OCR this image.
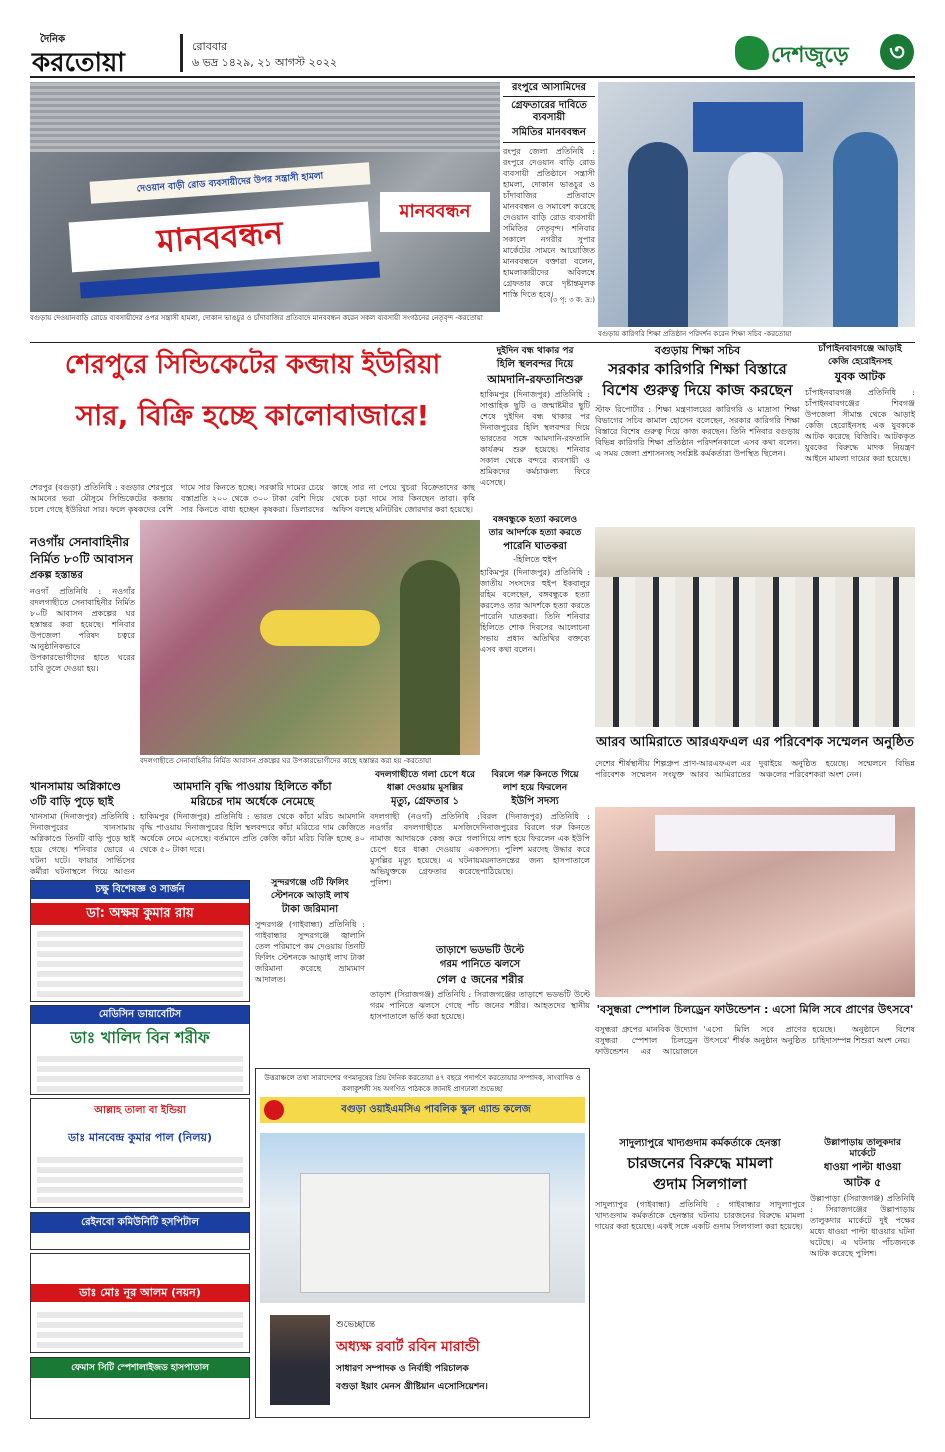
দৈনিক
করতোয়া
রোববার
৬ ভদ্র ১৪২৯, ২১ আগস্ট ২০২২	দেশজুড়ে	৩
দেওয়ান বাড়ী রোড ব্যবসায়ীদের উপর সন্ত্রাসী হামলা
মানববন্ধন
মানববন্ধন
বগুড়ায় দেওয়ানবাড়ি রোডে ব্যবসায়ীদের ওপর সন্ত্রাসী হামলা, দোকান ভাঙচুর ও চাঁদাবাজির প্রতিবাদে মানববন্ধন করেন সকল ব্যবসায়ী সংগঠনের নেতৃবৃন্দ -করতোয়া
রংপুরে আসামিদের
গ্রেফতারের দাবিতে ব্যবসায়ী
সমিতির মানববন্ধন
রংপুর জেলা প্রতিনিধি : রংপুরে দেওয়ান বাড়ি রোড ব্যবসায়ী প্রতিষ্ঠানে সন্ত্রাসী হামলা, দোকান ভাঙচুর ও চাঁদাবাজির প্রতিবাদে মানববন্ধন ও সমাবেশ করেছে দেওয়ান বাড়ি রোড ব্যবসায়ী সমিতির নেতৃবৃন্দ। শনিবার সকালে নগরীর সুপার মার্কেটের সামনে আয়োজিত মানববন্ধনে বক্তারা বলেন, হামলাকারীদের অবিলম্বে গ্রেফতার করে দৃষ্টান্তমূলক শাস্তি দিতে হবে।
(৩ পৃ: ৩ ক: দ্র:)
বগুড়ায় কারিগরি শিক্ষা প্রতিষ্ঠান পরিদর্শন করেন শিক্ষা সচিব -করতোয়া
শেরপুরে সিন্ডিকেটের কব্জায় ইউরিয়া
সার, বিক্রি হচ্ছে কালোবাজারে!
শেরপুর (বগুড়া) প্রতিনিধি : বগুড়ার শেরপুরে আমনের ভরা মৌসুমে সিন্ডিকেটের কব্জায় চলে গেছে ইউরিয়া সার। ফলে কৃষকদের বেশি দামে সার কিনতে হচ্ছে। সরকারি দামের চেয়ে বস্তাপ্রতি ২০০ থেকে ৩০০ টাকা বেশি দিয়ে সার কিনতে বাধ্য হচ্ছেন কৃষকরা। ডিলারদের কাছে সার না পেয়ে খুচরা বিক্রেতাদের কাছ থেকে চড়া দামে সার কিনছেন তারা। কৃষি অফিস বলছে মনিটরিং জোরদার করা হয়েছে।
দুইদিন বন্ধ থাকার পর
হিলি স্থলবন্দর দিয়ে
আমদানি-রফতানিশুরু
হাকিমপুর (দিনাজপুর) প্রতিনিধি : সাপ্তাহিক ছুটি ও জন্মাষ্টমীর ছুটি শেষে দুইদিন বন্ধ থাকার পর দিনাজপুরের হিলি স্থলবন্দর দিয়ে ভারতের সঙ্গে আমদানি-রফতানি কার্যক্রম শুরু হয়েছে। শনিবার সকাল থেকে বন্দরে ব্যবসায়ী ও শ্রমিকদের কর্মচাঞ্চল্য ফিরে এসেছে।
বগুড়ায় শিক্ষা সচিব
সরকার কারিগরি শিক্ষা বিস্তারে
বিশেষ গুরুত্ব দিয়ে কাজ করছেন
স্টাফ রিপোর্টার : শিক্ষা মন্ত্রণালয়ের কারিগরি ও মাদ্রাসা শিক্ষা বিভাগের সচিব কামাল হোসেন বলেছেন, সরকার কারিগরি শিক্ষা বিস্তারে বিশেষ গুরুত্ব দিয়ে কাজ করছেন। তিনি শনিবার বগুড়ায় বিভিন্ন কারিগরি শিক্ষা প্রতিষ্ঠান পরিদর্শনকালে এসব কথা বলেন। এ সময় জেলা প্রশাসনসহ সংশ্লিষ্ট কর্মকর্তারা উপস্থিত ছিলেন।
চাঁপাইনবাবগঞ্জে আড়াই
কেজি হেরোইনসহ
যুবক আটক
চাঁপাইনবাবগঞ্জ প্রতিনিধি : চাঁপাইনবাবগঞ্জের শিবগঞ্জ উপজেলা সীমান্ত থেকে আড়াই কেজি হেরোইনসহ এক যুবককে আটক করেছে বিজিবি। আটককৃত যুবকের বিরুদ্ধে মাদক নিয়ন্ত্রণ আইনে মামলা দায়ের করা হয়েছে।
নওগাঁয় সেনাবাহিনীর
নির্মিত ৮০টি আবাসন
প্রকল্প হস্তান্তর
নওগাঁ প্রতিনিধি : নওগাঁর বদলগাছীতে সেনাবাহিনীর নির্মিত ৮০টি আবাসন প্রকল্পের ঘর হস্তান্তর করা হয়েছে। শনিবার উপজেলা পরিষদ চত্বরে আনুষ্ঠানিকভাবে উপকারভোগীদের হাতে ঘরের চাবি তুলে দেওয়া হয়।
বদলগাছীতে সেনাবাহিনীর নির্মিত আবাসন প্রকল্পের ঘর উপকারভোগীদের কাছে হস্তান্তর করা হয় -করতোয়া
বঙ্গবন্ধুকে হত্যা করলেও
তার আদর্শকে হত্যা করতে
পারেনি ঘাতকরা
-হিলিতে হুইপ
হাকিমপুর (দিনাজপুর) প্রতিনিধি : জাতীয় সংসদের হুইপ ইকবালুর রহিম বলেছেন, বঙ্গবন্ধুকে হত্যা করলেও তার আদর্শকে হত্যা করতে পারেনি ঘাতকরা। তিনি শনিবার হিলিতে শোক দিবসের আলোচনা সভায় প্রধান অতিথির বক্তব্যে এসব কথা বলেন।
আরব আমিরাতে আরএফএল এর পরিবেশক সম্মেলন অনুষ্ঠিত
দেশের শীর্ষস্থানীয় শিল্পগ্রুপ প্রাণ-আরএফএল এর পরিবেশক সম্মেলন সংযুক্ত আরব আমিরাতের দুবাইয়ে অনুষ্ঠিত হয়েছে। সম্মেলনে বিভিন্ন অঞ্চলের পরিবেশকরা অংশ নেন।
খানসামায় অগ্নিকাণ্ডে
৩টি বাড়ি পুড়ে ছাই
খানসামা (দিনাজপুর) প্রতিনিধি : দিনাজপুরের খানসামায় অগ্নিকাণ্ডে তিনটি বাড়ি পুড়ে ছাই হয়ে গেছে। শনিবার ভোরে এ ঘটনা ঘটে। ফায়ার সার্ভিসের কর্মীরা ঘটনাস্থলে গিয়ে আগুন
আমদানি বৃদ্ধি পাওয়ায় হিলিতে কাঁচা
মরিচের দাম অর্ধেকে নেমেছে
হাকিমপুর (দিনাজপুর) প্রতিনিধি : ভারত থেকে কাঁচা মরিচ আমদানি বৃদ্ধি পাওয়ায় দিনাজপুরের হিলি স্থলবন্দরে কাঁচা মরিচের দাম কেজিতে অর্ধেকে নেমে এসেছে। বর্তমানে প্রতি কেজি কাঁচা মরিচ বিক্রি হচ্ছে ৪০ থেকে ৫০ টাকা দরে।
বদলগাছীতে গলা চেপে ধরে
ধাক্কা দেওয়ায় মুসল্লির
মৃত্যু, গ্রেফতার ১
বদলগাছী (নওগাঁ) প্রতিনিধি : নওগাঁর বদলগাছীতে মসজিদে নামাজ আদায়কে কেন্দ্র করে গলা চেপে ধরে ধাক্কা দেওয়ায় এক মুসল্লির মৃত্যু হয়েছে। এ ঘটনায় অভিযুক্তকে গ্রেফতার করেছে পুলিশ।
বিরলে গরু কিনতে গিয়ে
লাশ হয়ে ফিরলেন
ইউপি সদস্য
বিরল (দিনাজপুর) প্রতিনিধি : দিনাজপুরের বিরলে গরু কিনতে গিয়ে লাশ হয়ে ফিরলেন এক ইউপি সদস্য। পুলিশ মরদেহ উদ্ধার করে ময়নাতদন্তের জন্য হাসপাতালে পাঠিয়েছে।
সুন্দরগঞ্জে ৩টি ফিলিং
স্টেশনকে আড়াই লাখ
টাকা জরিমানা
সুন্দরগঞ্জ (গাইবান্ধা) প্রতিনিধি : গাইবান্ধার সুন্দরগঞ্জে জ্বালানি তেল পরিমাপে কম দেওয়ায় তিনটি ফিলিং স্টেশনকে আড়াই লাখ টাকা জরিমানা করেছে ভ্রাম্যমাণ আদালত।
তাড়াশে ভডভটি উল্টে
গরম পানিতে ঝলসে
গেল ৫ জনের শরীর
তাড়াশ (সিরাজগঞ্জ) প্রতিনিধি : সিরাজগঞ্জের তাড়াশে ভডভটি উল্টে গরম পানিতে ঝলসে গেছে পাঁচ জনের শরীর। আহতদের স্থানীয় হাসপাতালে ভর্তি করা হয়েছে।
'বসুন্ধরা স্পেশাল চিলড্রেন ফাউন্ডেশন : এসো মিলি সবে প্রাণের উৎসবে'
বসুন্ধরা গ্রুপের মানবিক উদ্যোগ বসুন্ধরা স্পেশাল চিলড্রেন ফাউন্ডেশন এর আয়োজনে 'এসো মিলি সবে প্রাণের উৎসবে' শীর্ষক অনুষ্ঠান অনুষ্ঠিত হয়েছে। অনুষ্ঠানে বিশেষ চাহিদাসম্পন্ন শিশুরা অংশ নেয়।
চক্ষু বিশেষজ্ঞ ও সার্জন
ডা: অক্ষয় কুমার রায়
মেডিসিন ডায়াবেটিস
ডাঃ খালিদ বিন শরীফ
আল্লাহ তালা বা ইন্ডিয়া
ডাঃ মানবেন্দ্র কুমার পাল (নিলয়)
রেইনবো কমিউনিটি হসপিটাল
ডাঃ মোঃ নূর আলম (নয়ন)
ফেমাস সিটি স্পেশালাইজড হাসপাতাল
উত্তরাঞ্চলে তথা সারাদেশের গণমানুষের প্রিয় দৈনিক করতোয়া ৪৭ বছরে পদার্পণে করতোয়ার সম্পাদক, সাংবাদিক ও কলাকুশলী সহ অগণিত পাঠককে জানাই প্রাণঢালা শুভেচ্ছা
বগুড়া ওয়াইএমসিএ পাবলিক স্কুল এ্যান্ড কলেজ
শুভেচ্ছান্তে
অধ্যক্ষ রবার্ট রবিন মারান্ডী
সাধারণ সম্পাদক ও নির্বাহী পরিচালক
বগুড়া ইয়াং মেনস খ্রীষ্টিয়ান এসোসিয়েশন।
সাদুল্যাপুরে খাদ্যগুদাম কর্মকর্তাকে হেনস্তা
চারজনের বিরুদ্ধে মামলা
গুদাম সিলগালা
সাদুল্যাপুর (গাইবান্ধা) প্রতিনিধি : গাইবান্ধার সাদুল্যাপুরে খাদ্যগুদাম কর্মকর্তাকে হেনস্তার ঘটনায় চারজনের বিরুদ্ধে মামলা দায়ের করা হয়েছে। একই সঙ্গে একটি গুদাম সিলগালা করা হয়েছে।
উল্লাপাড়ায় তালুকদার মার্কেটে
ধাওয়া পাল্টা ধাওয়া
আটক ৫
উল্লাপাড়া (সিরাজগঞ্জ) প্রতিনিধি : সিরাজগঞ্জের উল্লাপাড়ায় তালুকদার মার্কেটে দুই পক্ষের মধ্যে ধাওয়া পাল্টা ধাওয়ার ঘটনা ঘটেছে। এ ঘটনায় পাঁচজনকে আটক করেছে পুলিশ।
